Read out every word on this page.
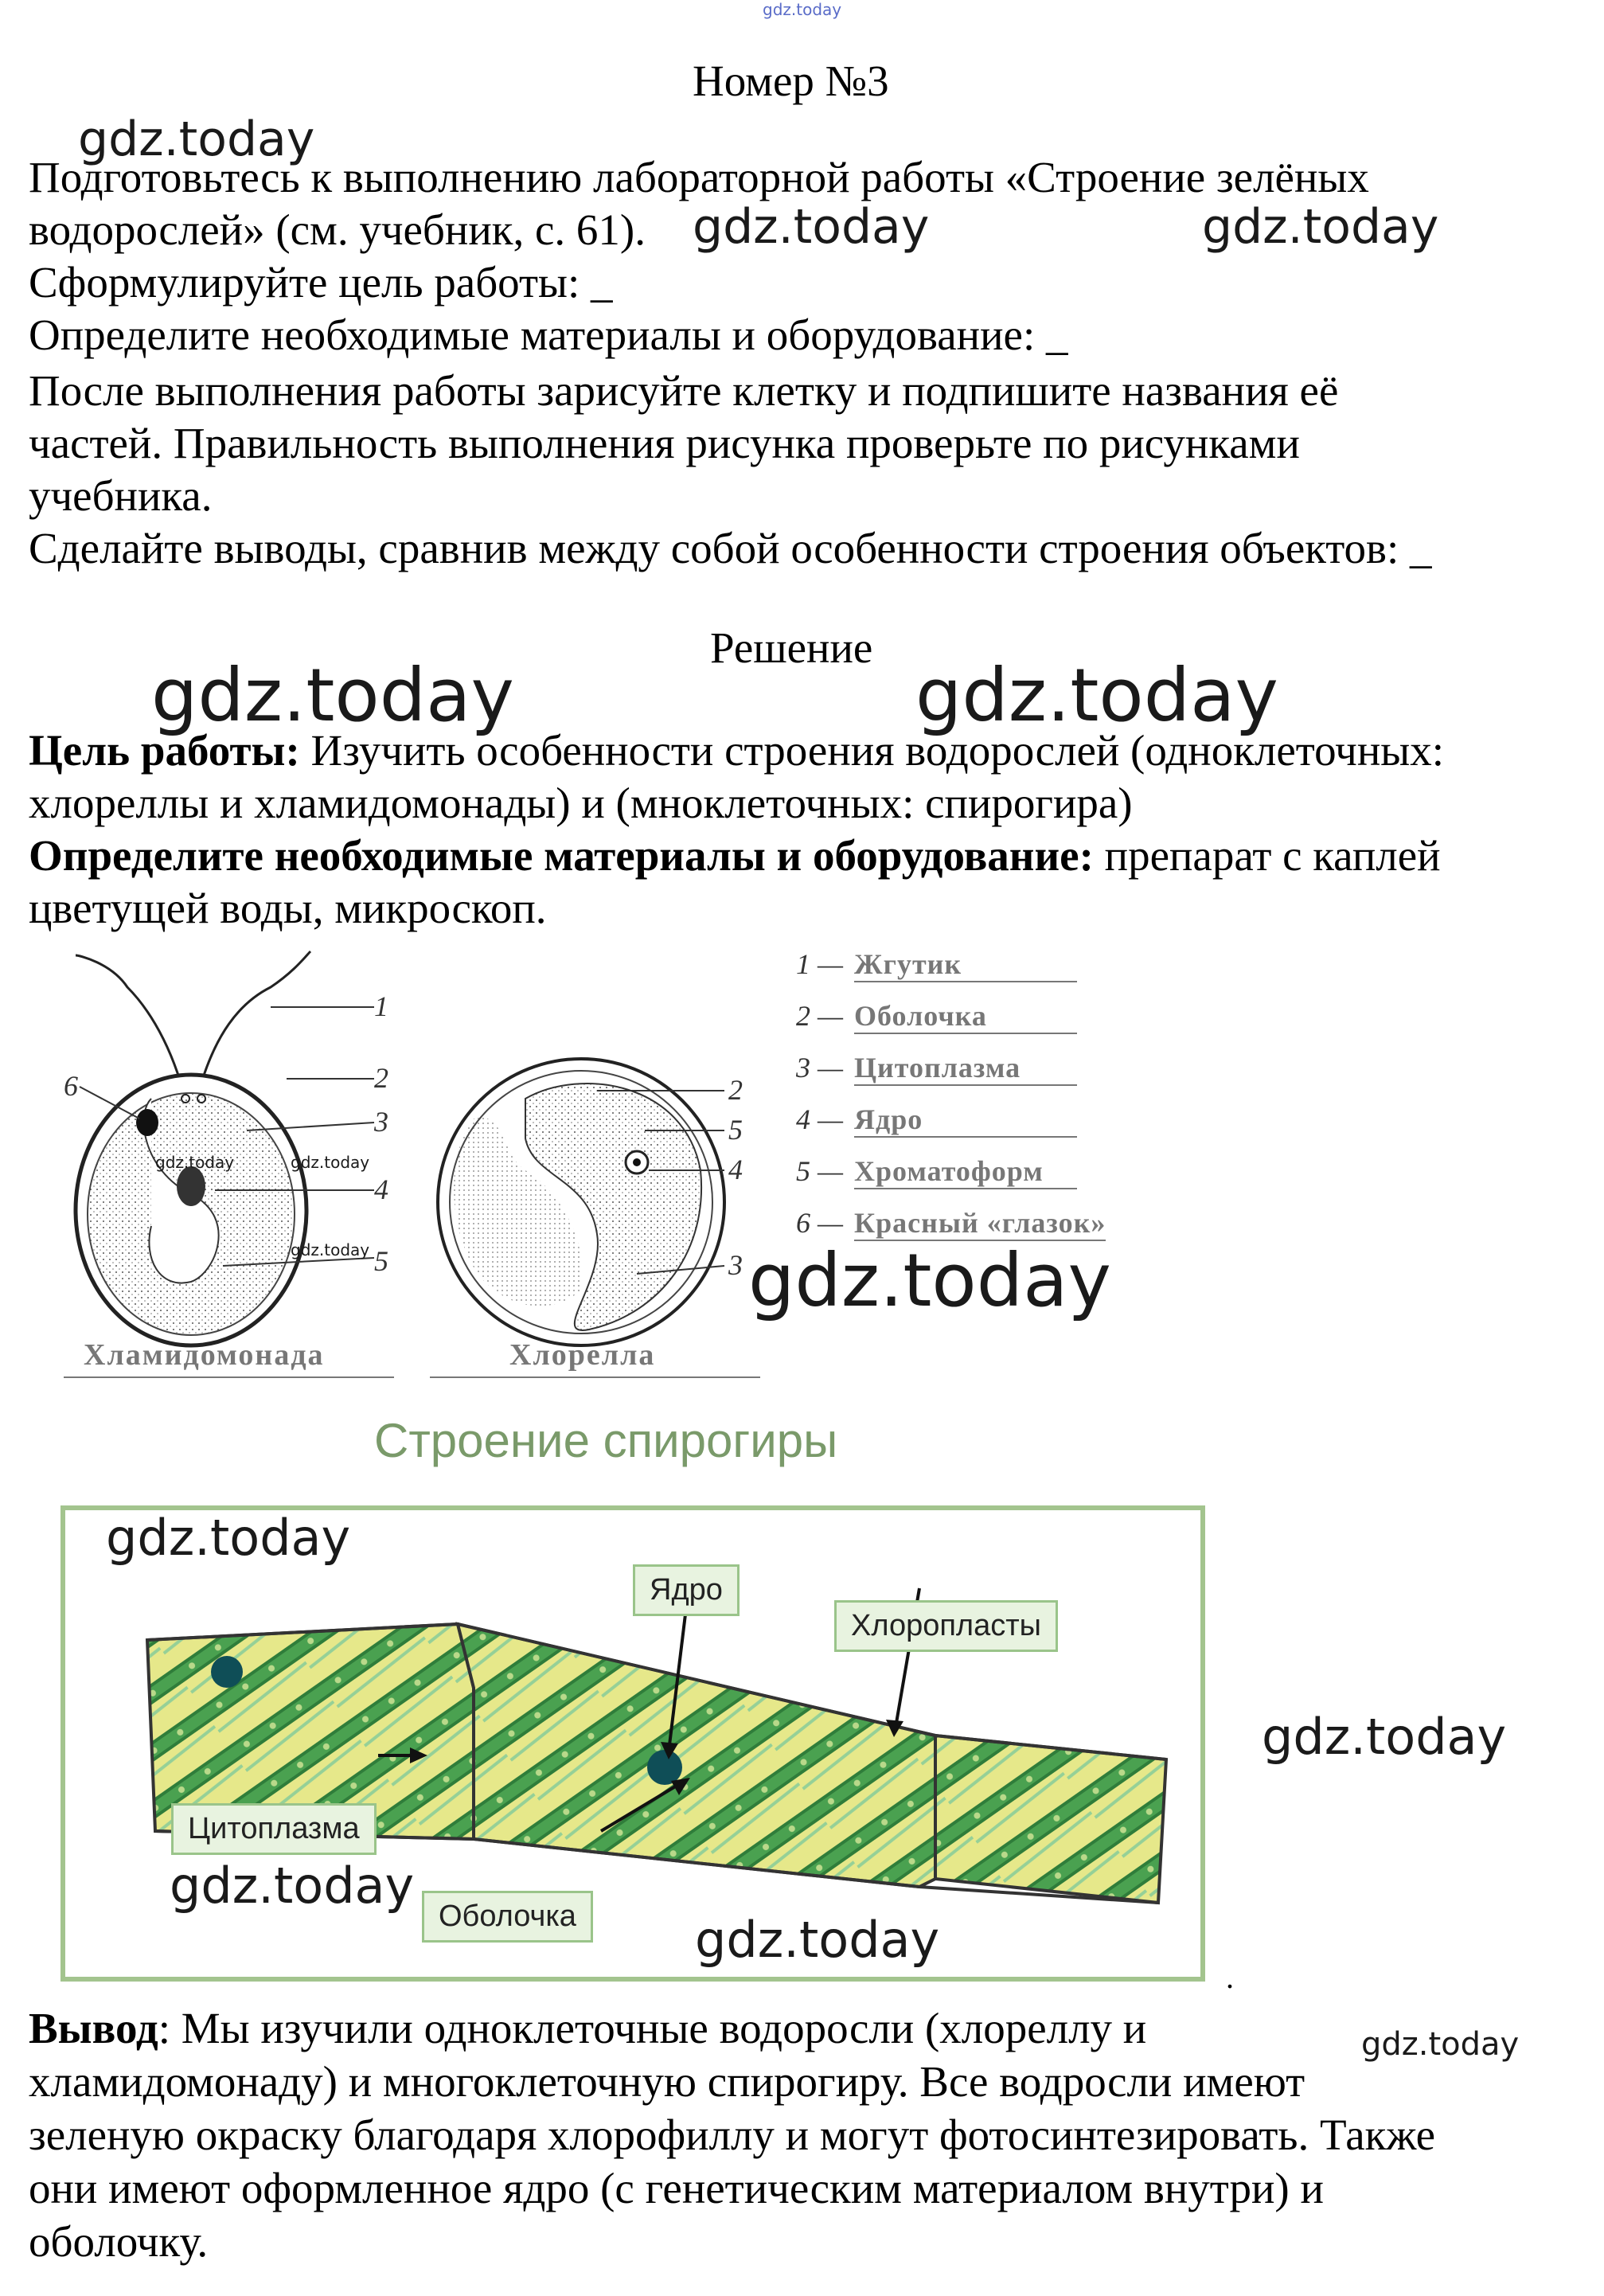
gdz.today
Номер №3
Подготовьтесь к выполнению лабораторной работы «Строение зелёных
водорослей» (см. учебник, с. 61).
Сформулируйте цель работы: _
Определите необходимые материалы и оборудование: _
После выполнения работы зарисуйте клетку и подпишите названия её
частей. Правильность выполнения рисунка проверьте по рисунками
учебника.
Сделайте выводы, сравнив между собой особенности строения объектов: _
Решение
Цель работы: Изучить особенности строения водорослей (одноклеточных:
хлореллы и хламидомонады) и (мноклеточных: спирогира)
Определите необходимые материалы и оборудование: препарат с каплей
цветущей воды, микроскоп.
1
2
3
4
5
6	2
5
4
3
Хламидомонада	Хлорелла
1 — Жгутик
2 — Оболочка
3 — Цитоплазма
4 — Ядро
5 — Хроматоформ
6 — Красный «глазок»
Строение спирогиры
Ядро
Хлоропласты
Цитоплазма
Оболочка
.
Вывод: Мы изучили одноклеточные водоросли (хлореллу и
хламидомонаду) и многоклеточную спирогиру. Все водросли имеют
зеленую окраску благодаря хлорофиллу и могут фотосинтезировать. Также
они имеют оформленное ядро (с генетическим материалом внутри) и
оболочку.
gdz.today
gdz.today	gdz.today
gdz.today	gdz.today
gdz.today	gdz.today
gdz.today	gdz.today
gdz.today
gdz.today
gdz.today
gdz.today
gdz.today
